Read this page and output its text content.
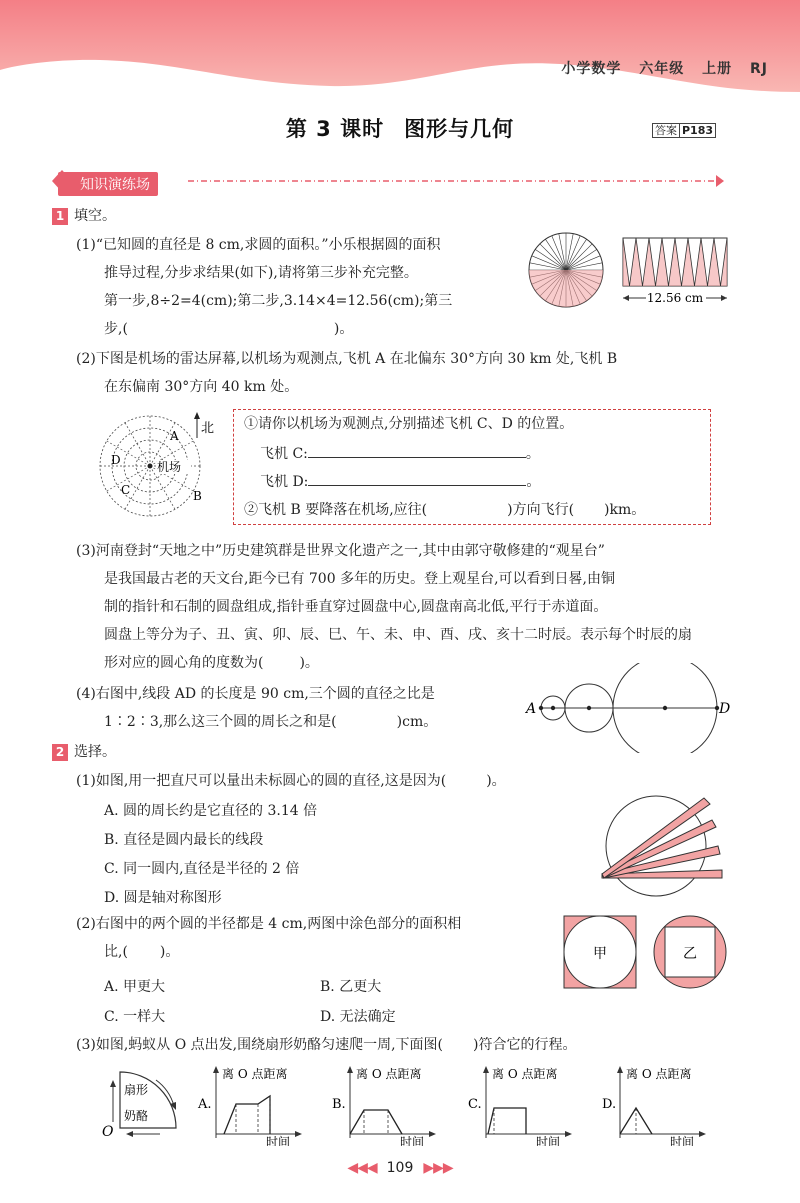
小学数学 六年级 上册 RJ
第 3 课时 图形与几何	答案 P183
知识演练场
1 填空。
(1)“已知圆的直径是 8 cm,求圆的面积。”小乐根据圆的面积
推导过程,分步求结果(如下),请将第三步补充完整。
第一步,8÷2=4(cm);第二步,3.14×4=12.56(cm);第三
步,(	)。
12.56 cm
(2)下图是机场的雷达屏幕,以机场为观测点,飞机 A 在北偏东 30°方向 30 km 处,飞机 B
在东偏南 30°方向 40 km 处。
北
机场
A
B
C
D
①请你以机场为观测点,分别描述飞机 C、D 的位置。
飞机 C:	。
飞机 D:	。
②飞机 B 要降落在机场,应往(	)方向飞行( )km。
(3)河南登封“天地之中”历史建筑群是世界文化遗产之一,其中由郭守敬修建的“观星台”
是我国最古老的天文台,距今已有 700 多年的历史。登上观星台,可以看到日晷,由铜
制的指针和石制的圆盘组成,指针垂直穿过圆盘中心,圆盘南高北低,平行于赤道面。
圆盘上等分为子、丑、寅、卯、辰、巳、午、未、申、酉、戌、亥十二时辰。表示每个时辰的扇
形对应的圆心角的度数为(	)。
(4)右图中,线段 AD 的长度是 90 cm,三个圆的直径之比是
1∶2∶3,那么这三个圆的周长之和是(	)cm。
A	D
2 选择。
(1)如图,用一把直尺可以量出未标圆心的圆的直径,这是因为(	)。
A. 圆的周长约是它直径的 3.14 倍
B. 直径是圆内最长的线段
C. 同一圆内,直径是半径的 2 倍
D. 圆是轴对称图形
(2)右图中的两个圆的半径都是 4 cm,两图中涂色部分的面积相
比,( )。
A. 甲更大	B. 乙更大
C. 一样大	D. 无法确定
甲	乙
(3)如图,蚂蚁从 O 点出发,围绕扇形奶酪匀速爬一周,下面图( )符合它的行程。
扇形
奶酪
O
A.
离 O 点距离
时间
B.
离 O 点距离
时间
C.
离 O 点距离
时间
D.
离 O 点距离
时间
◀◀◀ 109 ▶▶▶
